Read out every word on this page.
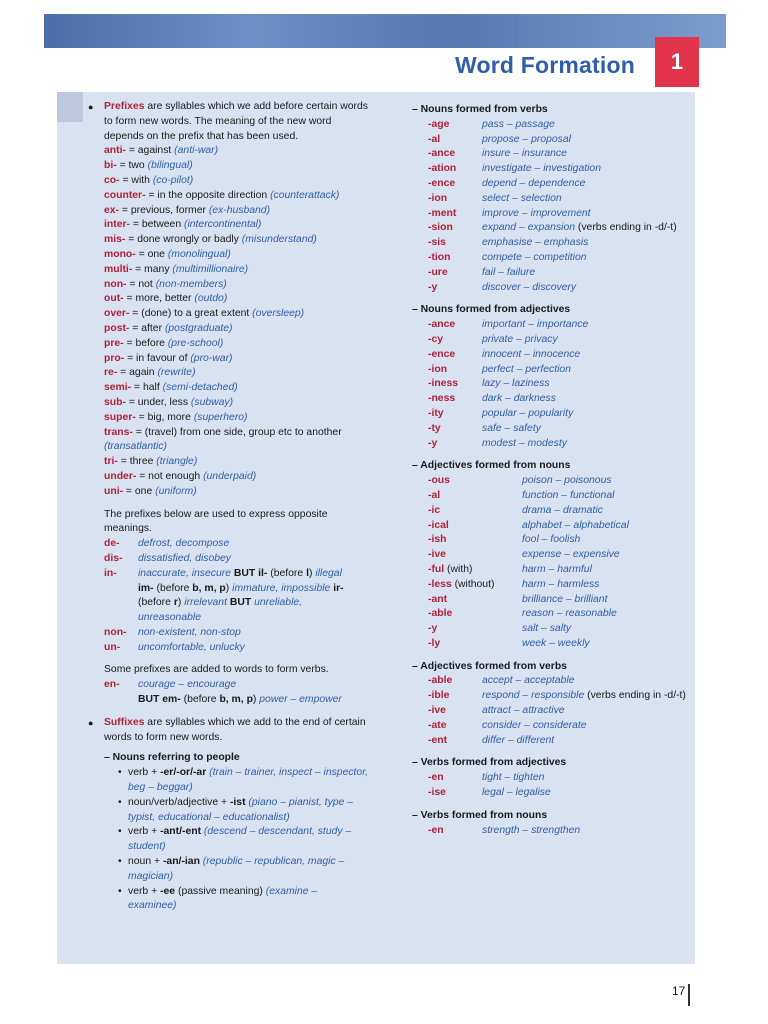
Word Formation	1
● Prefixes are syllables which we add before certain words to form new words. The meaning of the new word depends on the prefix that has been used.
anti- = against (anti-war)
bi- = two (bilingual)
co- = with (co-pilot)
counter- = in the opposite direction (counterattack)
ex- = previous, former (ex-husband)
inter- = between (intercontinental)
mis- = done wrongly or badly (misunderstand)
mono- = one (monolingual)
multi- = many (multimillionaire)
non- = not (non-members)
out- = more, better (outdo)
over- = (done) to a great extent (oversleep)
post- = after (postgraduate)
pre- = before (pre-school)
pro- = in favour of (pro-war)
re- = again (rewrite)
semi- = half (semi-detached)
sub- = under, less (subway)
super- = big, more (superhero)
trans- = (travel) from one side, group etc to another (transatlantic)
tri- = three (triangle)
under- = not enough (underpaid)
uni- = one (uniform)
The prefixes below are used to express opposite meanings.
de-	defrost, decompose
dis-	dissatisfied, disobey
in-	inaccurate, insecure BUT il- (before l) illegal
im- (before b, m, p) immature, impossible ir-
(before r) irrelevant BUT unreliable,
unreasonable
non-	non-existent, non-stop
un-	uncomfortable, unlucky
Some prefixes are added to words to form verbs.
en-	courage – encourage
BUT em- (before b, m, p) power – empower
● Suffixes are syllables which we add to the end of certain words to form new words.
– Nouns referring to people
• verb + -er/-or/-ar (train – trainer, inspect – inspector, beg – beggar)
• noun/verb/adjective + -ist (piano – pianist, type – typist, educational – educationalist)
• verb + -ant/-ent (descend – descendant, study – student)
• noun + -an/-ian (republic – republican, magic – magician)
• verb + -ee (passive meaning) (examine – examinee)
– Nouns formed from verbs
-age	pass – passage
-al	propose – proposal
-ance	insure – insurance
-ation	investigate – investigation
-ence	depend – dependence
-ion	select – selection
-ment	improve – improvement
-sion	expand – expansion (verbs ending in -d/-t)
-sis	emphasise – emphasis
-tion	compete – competition
-ure	fail – failure
-y	discover – discovery
– Nouns formed from adjectives
-ance	important – importance
-cy	private – privacy
-ence	innocent – innocence
-ion	perfect – perfection
-iness	lazy – laziness
-ness	dark – darkness
-ity	popular – popularity
-ty	safe – safety
-y	modest – modesty
– Adjectives formed from nouns
-ous	poison – poisonous
-al	function – functional
-ic	drama – dramatic
-ical	alphabet – alphabetical
-ish	fool – foolish
-ive	expense – expensive
-ful (with)	harm – harmful
-less (without)	harm – harmless
-ant	brilliance – brilliant
-able	reason – reasonable
-y	salt – salty
-ly	week – weekly
– Adjectives formed from verbs
-able	accept – acceptable
-ible	respond – responsible (verbs ending in -d/-t)
-ive	attract – attractive
-ate	consider – considerate
-ent	differ – different
– Verbs formed from adjectives
-en	tight – tighten
-ise	legal – legalise
– Verbs formed from nouns
-en	strength – strengthen
17
